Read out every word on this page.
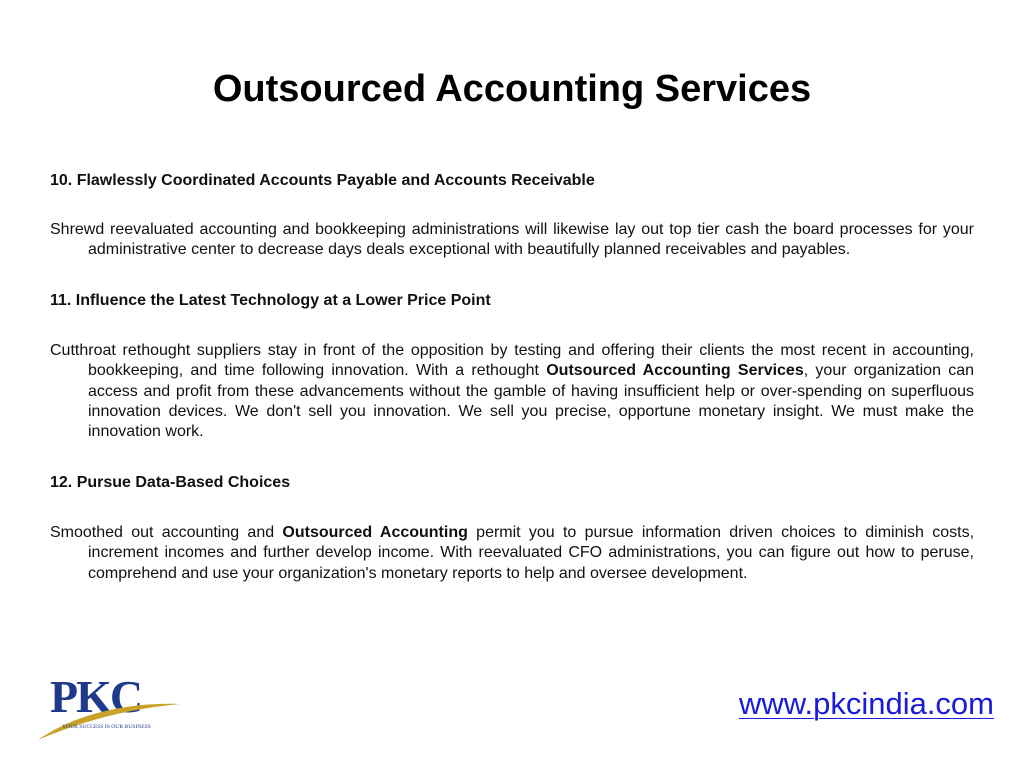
Outsourced Accounting Services

10. Flawlessly Coordinated Accounts Payable and Accounts Receivable

Shrewd reevaluated accounting and bookkeeping administrations will likewise lay out top tier cash the board processes for your administrative center to decrease days deals exceptional with beautifully planned receivables and payables.

11. Influence the Latest Technology at a Lower Price Point

Cutthroat rethought suppliers stay in front of the opposition by testing and offering their clients the most recent in accounting, bookkeeping, and time following innovation. With a rethought Outsourced Accounting Services, your organization can access and profit from these advancements without the gamble of having insufficient help or over-spending on superfluous innovation devices. We don't sell you innovation. We sell you precise, opportune monetary insight. We must make the innovation work.

12. Pursue Data-Based Choices

Smoothed out accounting and Outsourced Accounting permit you to pursue information driven choices to diminish costs, increment incomes and further develop income. With reevaluated CFO administrations, you can figure out how to peruse, comprehend and use your organization's monetary reports to help and oversee development.

PKC
YOUR SUCCESS IS OUR BUSINESS
www.pkcindia.com
